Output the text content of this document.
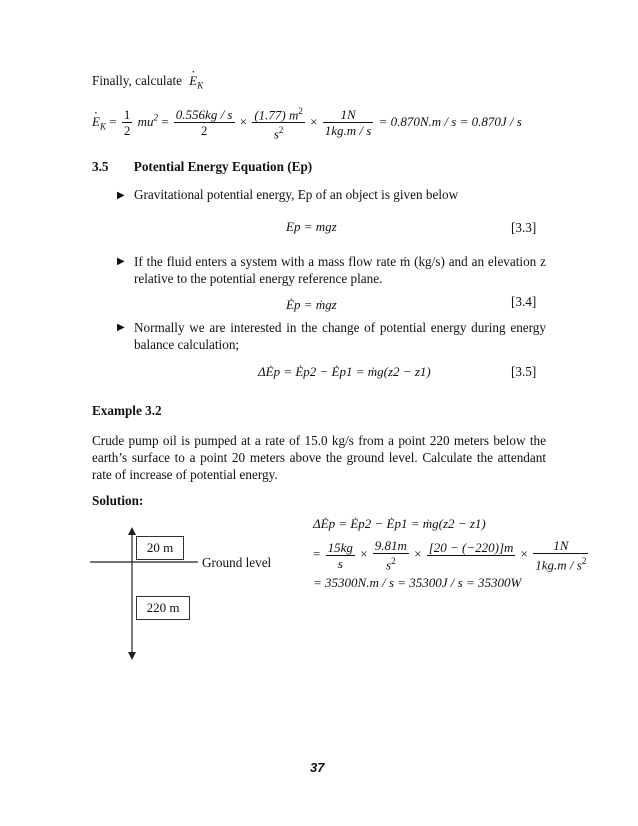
Finally, calculate · $E_K$
· $E_K = \frac{1}{2} mu^2 = \frac{0.556kg / s}{2} \times \frac{(1.77) m^2}{s^2} \times \frac{1N}{1kg.m / s} = 0.870N.m / s = 0.870J / s$
3.5 Potential Energy Equation (Ep)
▶ Gravitational potential energy, Ep of an object is given below
Ep = mgz	[3.3]
▶ If the fluid enters a system with a mass flow rate ṁ (kg/s) and an elevation z relative to the potential energy reference plane.
Ėp = ṁgz	[3.4]
▶ Normally we are interested in the change of potential energy during energy balance calculation;
ΔĖp = Ėp2 − Ėp1 = ṁg(z2 − z1)	[3.5]
Example 3.2
Crude pump oil is pumped at a rate of 15.0 kg/s from a point 220 meters below the earth’s surface to a point 20 meters above the ground level. Calculate the attendant rate of increase of potential energy.
Solution:
ΔĖp = Ėp2 − Ėp1 = ṁg(z2 − z1)
= $\frac{15kg}{s} \times \frac{9.81m}{s^2} \times [20 - (-220)]m$
× $\frac{1N}{1kg.m / s^2}$
= 35300N.m / s = 35300J / s = 35300W
20 m
220 m
Ground level
37
